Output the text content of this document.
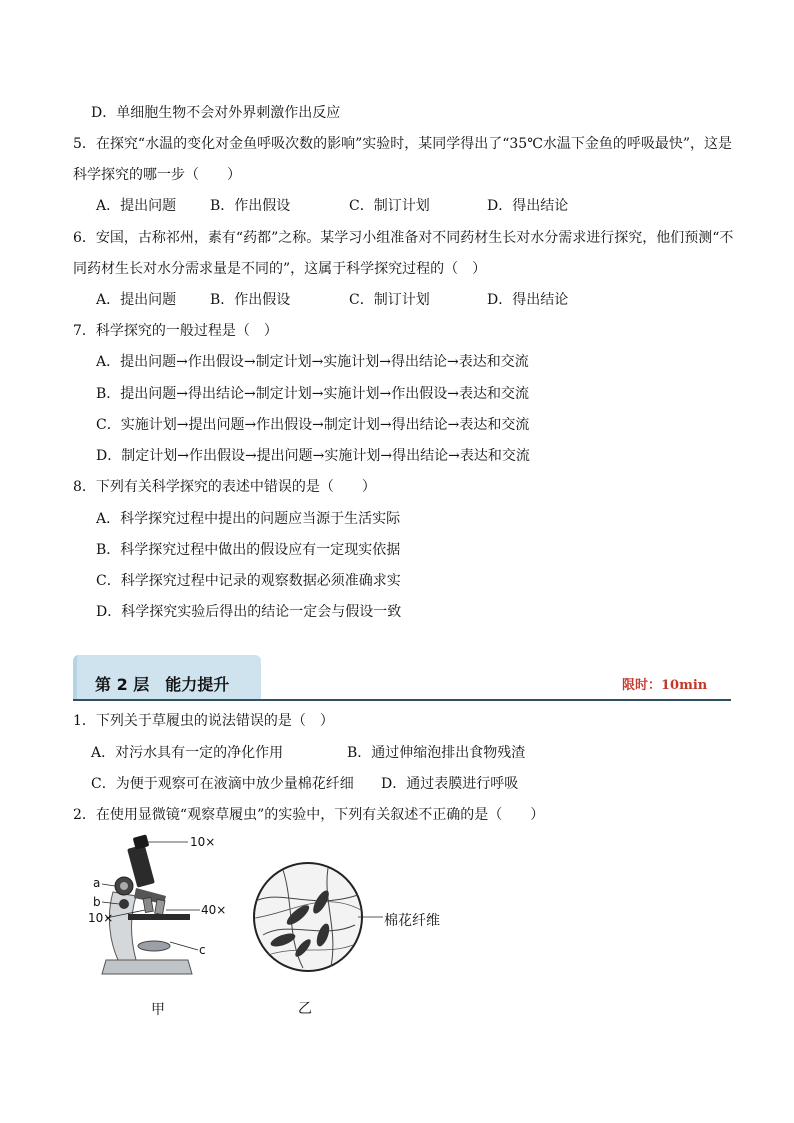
D．单细胞生物不会对外界刺激作出反应
5．在探究“水温的变化对金鱼呼吸次数的影响”实验时，某同学得出了“35℃水温下金鱼的呼吸最快”，这是
科学探究的哪一步（　　）
A．提出问题 B．作出假设	C．制订计划	D．得出结论
6．安国，古称祁州，素有“药都”之称。某学习小组准备对不同药材生长对水分需求进行探究，他们预测“不
同药材生长对水分需求量是不同的”，这属于科学探究过程的（　）
A．提出问题 B．作出假设	C．制订计划	D．得出结论
7．科学探究的一般过程是（　）
A．提出问题→作出假设→制定计划→实施计划→得出结论→表达和交流
B．提出问题→得出结论→制定计划→实施计划→作出假设→表达和交流
C．实施计划→提出问题→作出假设→制定计划→得出结论→表达和交流
D．制定计划→作出假设→提出问题→实施计划→得出结论→表达和交流
8．下列有关科学探究的表述中错误的是（　　）
A．科学探究过程中提出的问题应当源于生活实际
B．科学探究过程中做出的假设应有一定现实依据
C．科学探究过程中记录的观察数据必须准确求实
D．科学探究实验后得出的结论一定会与假设一致
第 2 层　能力提升	限时：10min
1．下列关于草履虫的说法错误的是（　）
A．对污水具有一定的净化作用	B．通过伸缩泡排出食物残渣
C．为便于观察可在液滴中放少量棉花纤细 D．通过表膜进行呼吸
2．在使用显微镜“观察草履虫”的实验中，下列有关叙述不正确的是（　　）
10×
a
b
10×
40×
c
甲
棉花纤维
乙
